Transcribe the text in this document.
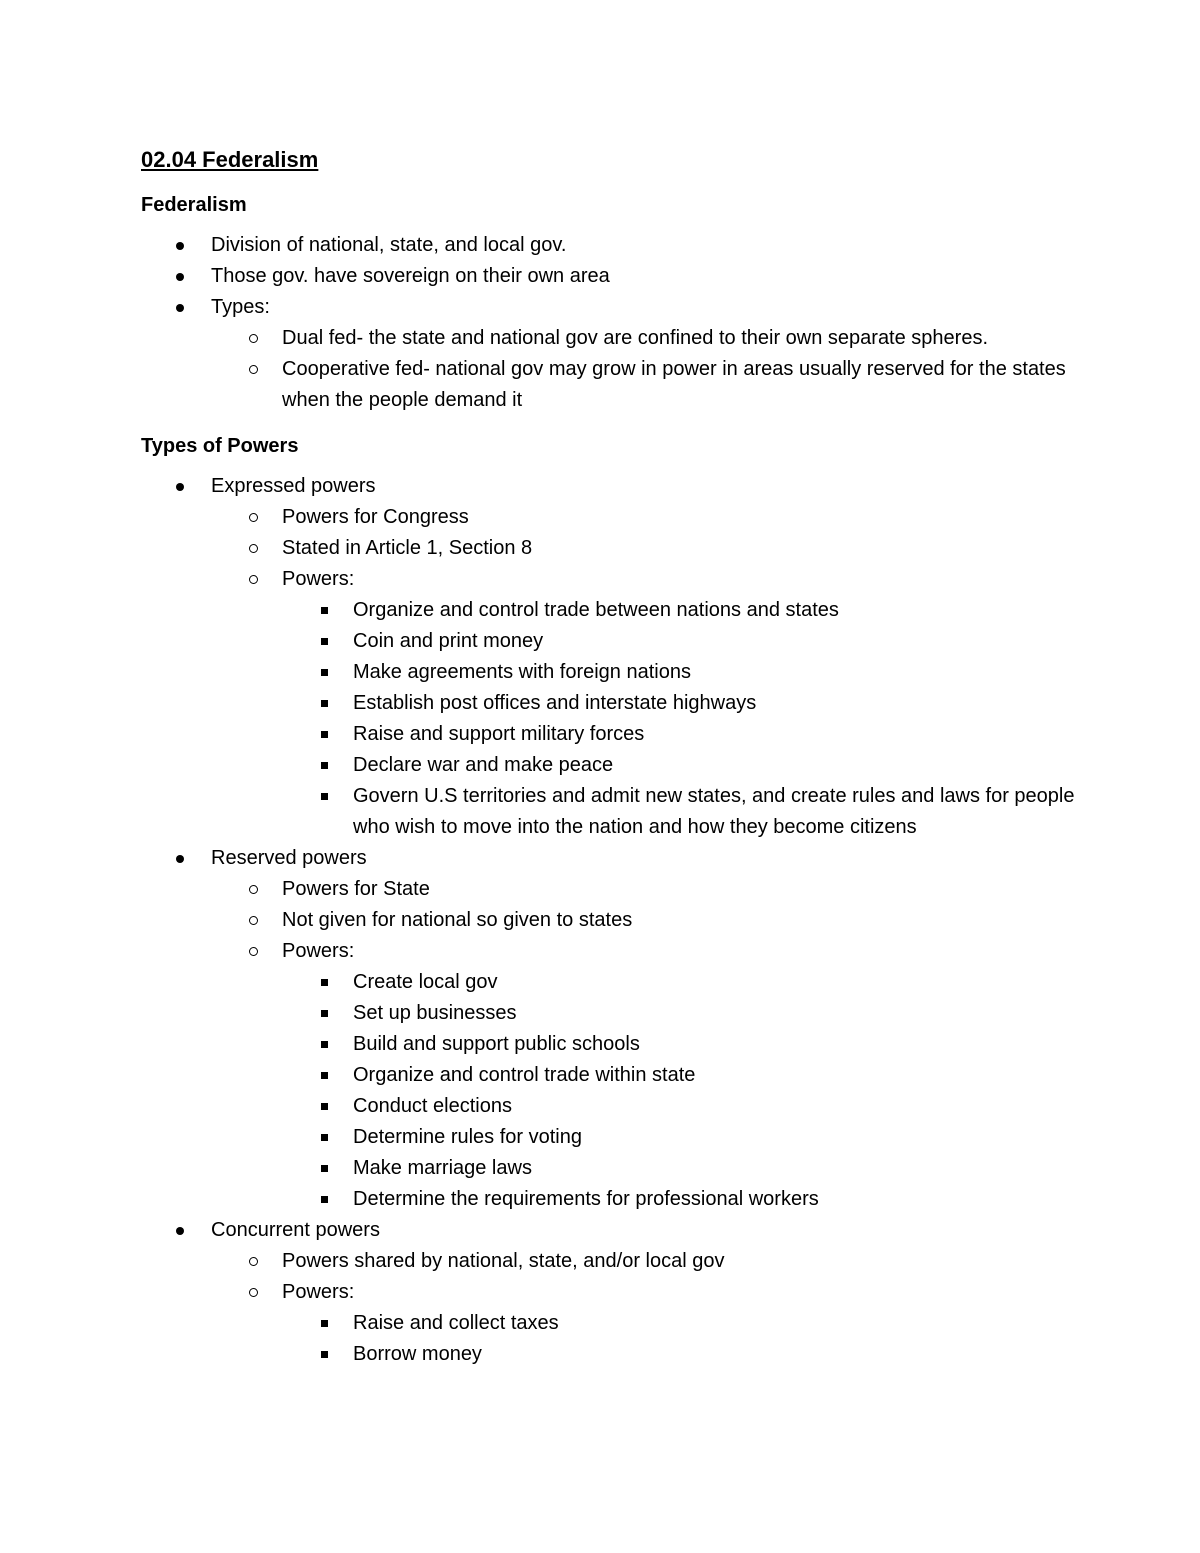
02.04 Federalism
Federalism
Division of national, state, and local gov.
Those gov. have sovereign on their own area
Types:
Dual fed- the state and national gov are confined to their own separate spheres.
Cooperative fed- national gov may grow in power in areas usually reserved for the states when the people demand it
Types of Powers
Expressed powers
Powers for Congress
Stated in Article 1, Section 8
Powers:
Organize and control trade between nations and states
Coin and print money
Make agreements with foreign nations
Establish post offices and interstate highways
Raise and support military forces
Declare war and make peace
Govern U.S territories and admit new states, and create rules and laws for people who wish to move into the nation and how they become citizens
Reserved powers
Powers for State
Not given for national so given to states
Powers:
Create local gov
Set up businesses
Build and support public schools
Organize and control trade within state
Conduct elections
Determine rules for voting
Make marriage laws
Determine the requirements for professional workers
Concurrent powers
Powers shared by national, state, and/or local gov
Powers:
Raise and collect taxes
Borrow money
